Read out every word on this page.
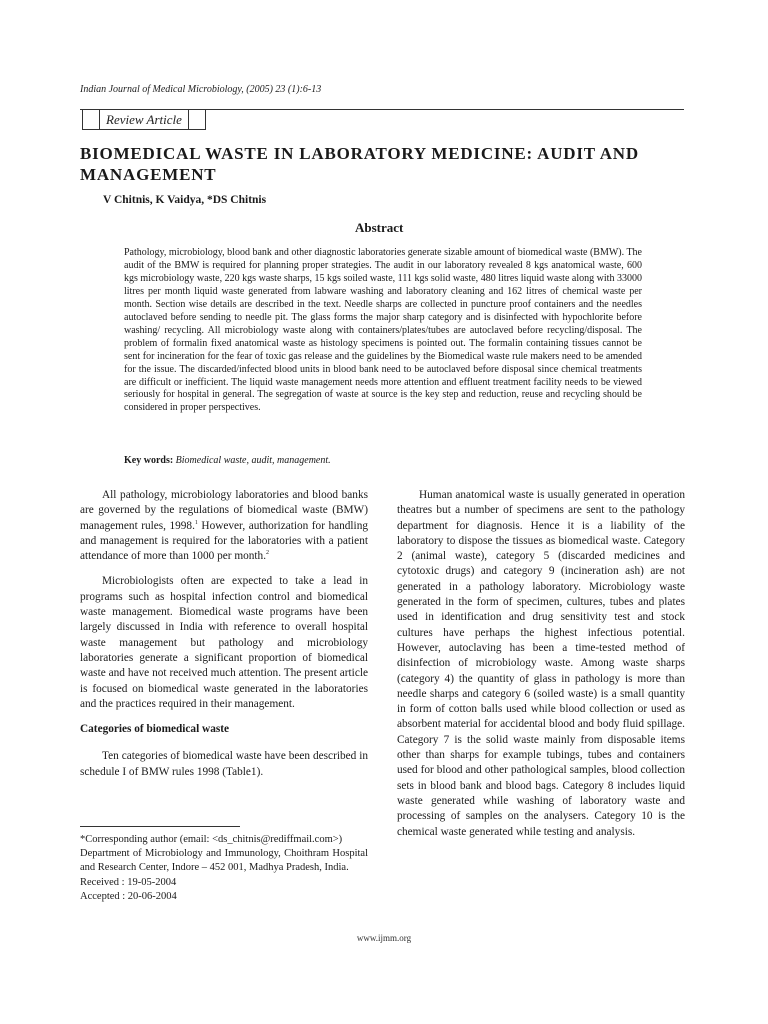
Indian Journal of Medical Microbiology, (2005) 23 (1):6-13
Review Article
BIOMEDICAL WASTE IN LABORATORY MEDICINE: AUDIT AND MANAGEMENT
V Chitnis, K Vaidya, *DS Chitnis
Abstract

Pathology, microbiology, blood bank and other diagnostic laboratories generate sizable amount of biomedical waste (BMW). The audit of the BMW is required for planning proper strategies. The audit in our laboratory revealed 8 kgs anatomical waste, 600 kgs microbiology waste, 220 kgs waste sharps, 15 kgs soiled waste, 111 kgs solid waste, 480 litres liquid waste along with 33000 litres per month liquid waste generated from labware washing and laboratory cleaning and 162 litres of chemical waste per month. Section wise details are described in the text. Needle sharps are collected in puncture proof containers and the needles autoclaved before sending to needle pit. The glass forms the major sharp category and is disinfected with hypochlorite before washing/ recycling. All microbiology waste along with containers/plates/tubes are autoclaved before recycling/disposal. The problem of formalin fixed anatomical waste as histology specimens is pointed out. The formalin containing tissues cannot be sent for incineration for the fear of toxic gas release and the guidelines by the Biomedical waste rule makers need to be amended for the issue. The discarded/infected blood units in blood bank need to be autoclaved before disposal since chemical treatments are difficult or inefficient. The liquid waste management needs more attention and effluent treatment facility needs to be viewed seriously for hospital in general. The segregation of waste at source is the key step and reduction, reuse and recycling should be considered in proper perspectives.

Key words: Biomedical waste, audit, management.

All pathology, microbiology laboratories and blood banks are governed by the regulations of biomedical waste (BMW) management rules, 1998.$^1$ However, authorization for handling and management is required for the laboratories with a patient attendance of more than 1000 per month.$^2$

Microbiologists often are expected to take a lead in programs such as hospital infection control and biomedical waste management. Biomedical waste programs have been largely discussed in India with reference to overall hospital waste management but pathology and microbiology laboratories generate a significant proportion of biomedical waste and have not received much attention. The present article is focused on biomedical waste generated in the laboratories and the practices required in their management.

Categories of biomedical waste

Ten categories of biomedical waste have been described in schedule I of BMW rules 1998 (Table1).

Human anatomical waste is usually generated in operation theatres but a number of specimens are sent to the pathology department for diagnosis. Hence it is a liability of the laboratory to dispose the tissues as biomedical waste. Category 2 (animal waste), category 5 (discarded medicines and cytotoxic drugs) and category 9 (incineration ash) are not generated in a pathology laboratory. Microbiology waste generated in the form of specimen, cultures, tubes and plates used in identification and drug sensitivity test and stock cultures have perhaps the highest infectious potential. However, autoclaving has been a time-tested method of disinfection of microbiology waste. Among waste sharps (category 4) the quantity of glass in pathology is more than needle sharps and category 6 (soiled waste) is a small quantity in form of cotton balls used while blood collection or used as absorbent material for accidental blood and body fluid spillage. Category 7 is the solid waste mainly from disposable items other than sharps for example tubings, tubes and containers used for blood and other pathological samples, blood collection sets in blood bank and blood bags. Category 8 includes liquid waste generated while washing of laboratory waste and processing of samples on the analysers. Category 10 is the chemical waste generated while testing and analysis.

*Corresponding author (email: <ds_chitnis@rediffmail.com>)
Department of Microbiology and Immunology, Choithram Hospital and Research Center, Indore – 452 001, Madhya Pradesh, India.
Received : 19-05-2004
Accepted : 20-06-2004
www.ijmm.org
